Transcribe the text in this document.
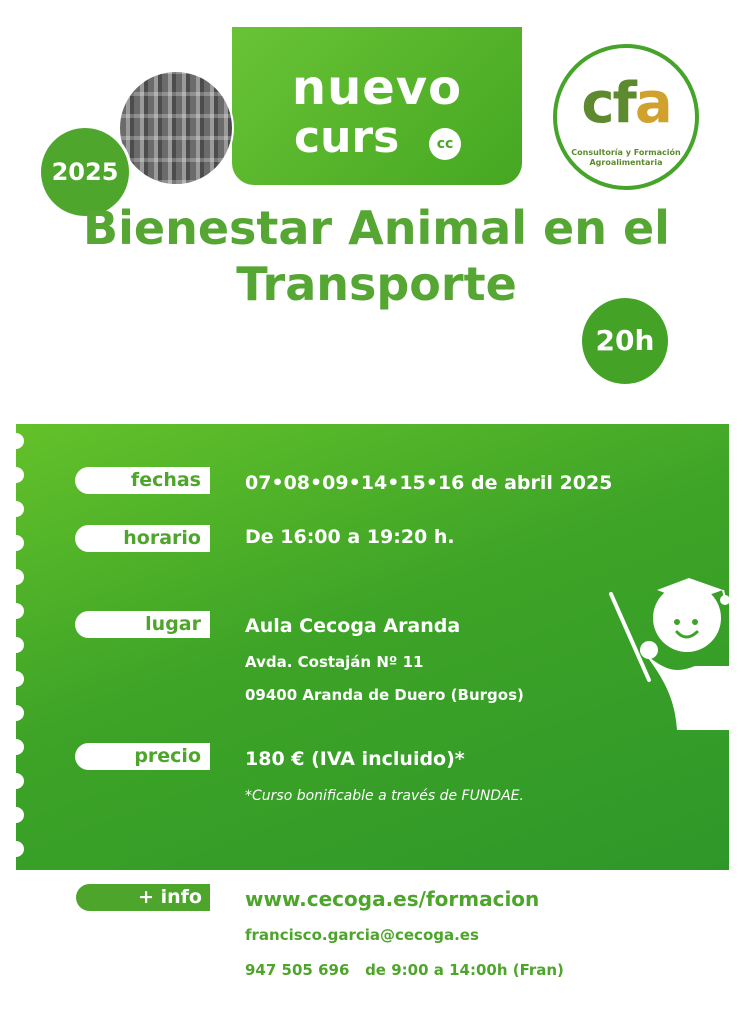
nuevo
curs	cc
2025
cfa
Consultoría y Formación Agroalimentaria
Bienestar Animal en el
Transporte
20h
fechas	07•08•09•14•15•16 de abril 2025
horario	De 16:00 a 19:20 h.
lugar	Aula Cecoga Aranda
Avda. Costaján Nº 11
09400 Aranda de Duero (Burgos)
precio	180 € (IVA incluido)*
*Curso bonificable a través de FUNDAE.
+ info	www.cecoga.es/formacion
francisco.garcia@cecoga.es
947 505 696 de 9:00 a 14:00h (Fran)
